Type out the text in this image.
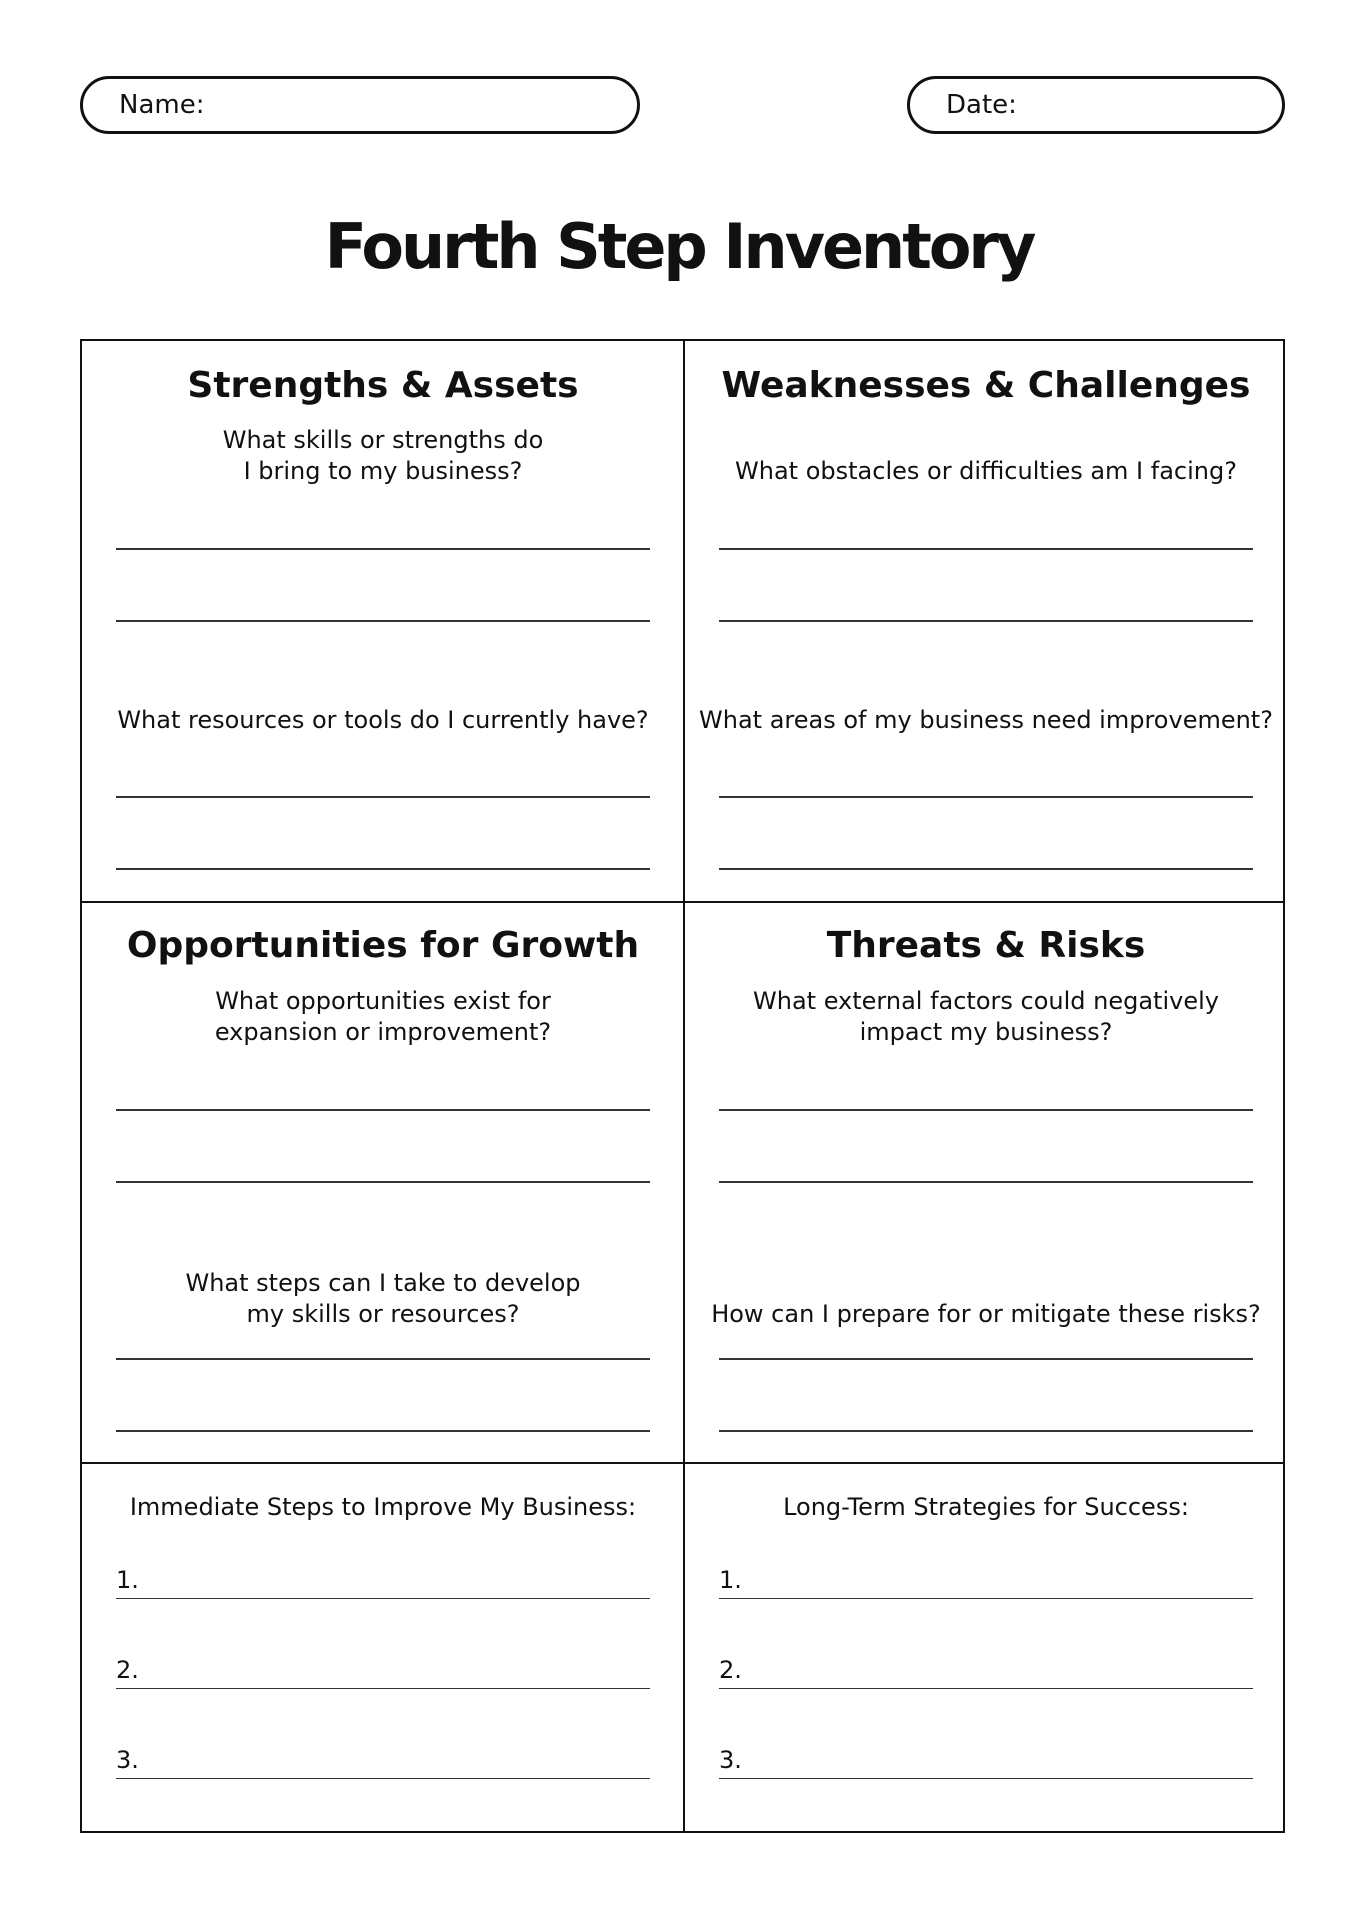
Name:	Date:
Fourth Step Inventory
Strengths & Assets
What skills or strengths do
I bring to my business?
What resources or tools do I currently have?
Weaknesses & Challenges
What obstacles or difficulties am I facing?
What areas of my business need improvement?
Opportunities for Growth
What opportunities exist for
expansion or improvement?
What steps can I take to develop
my skills or resources?
Threats & Risks
What external factors could negatively
impact my business?
How can I prepare for or mitigate these risks?
Immediate Steps to Improve My Business:
1.
2.
3.
Long-Term Strategies for Success:
1.
2.
3.
